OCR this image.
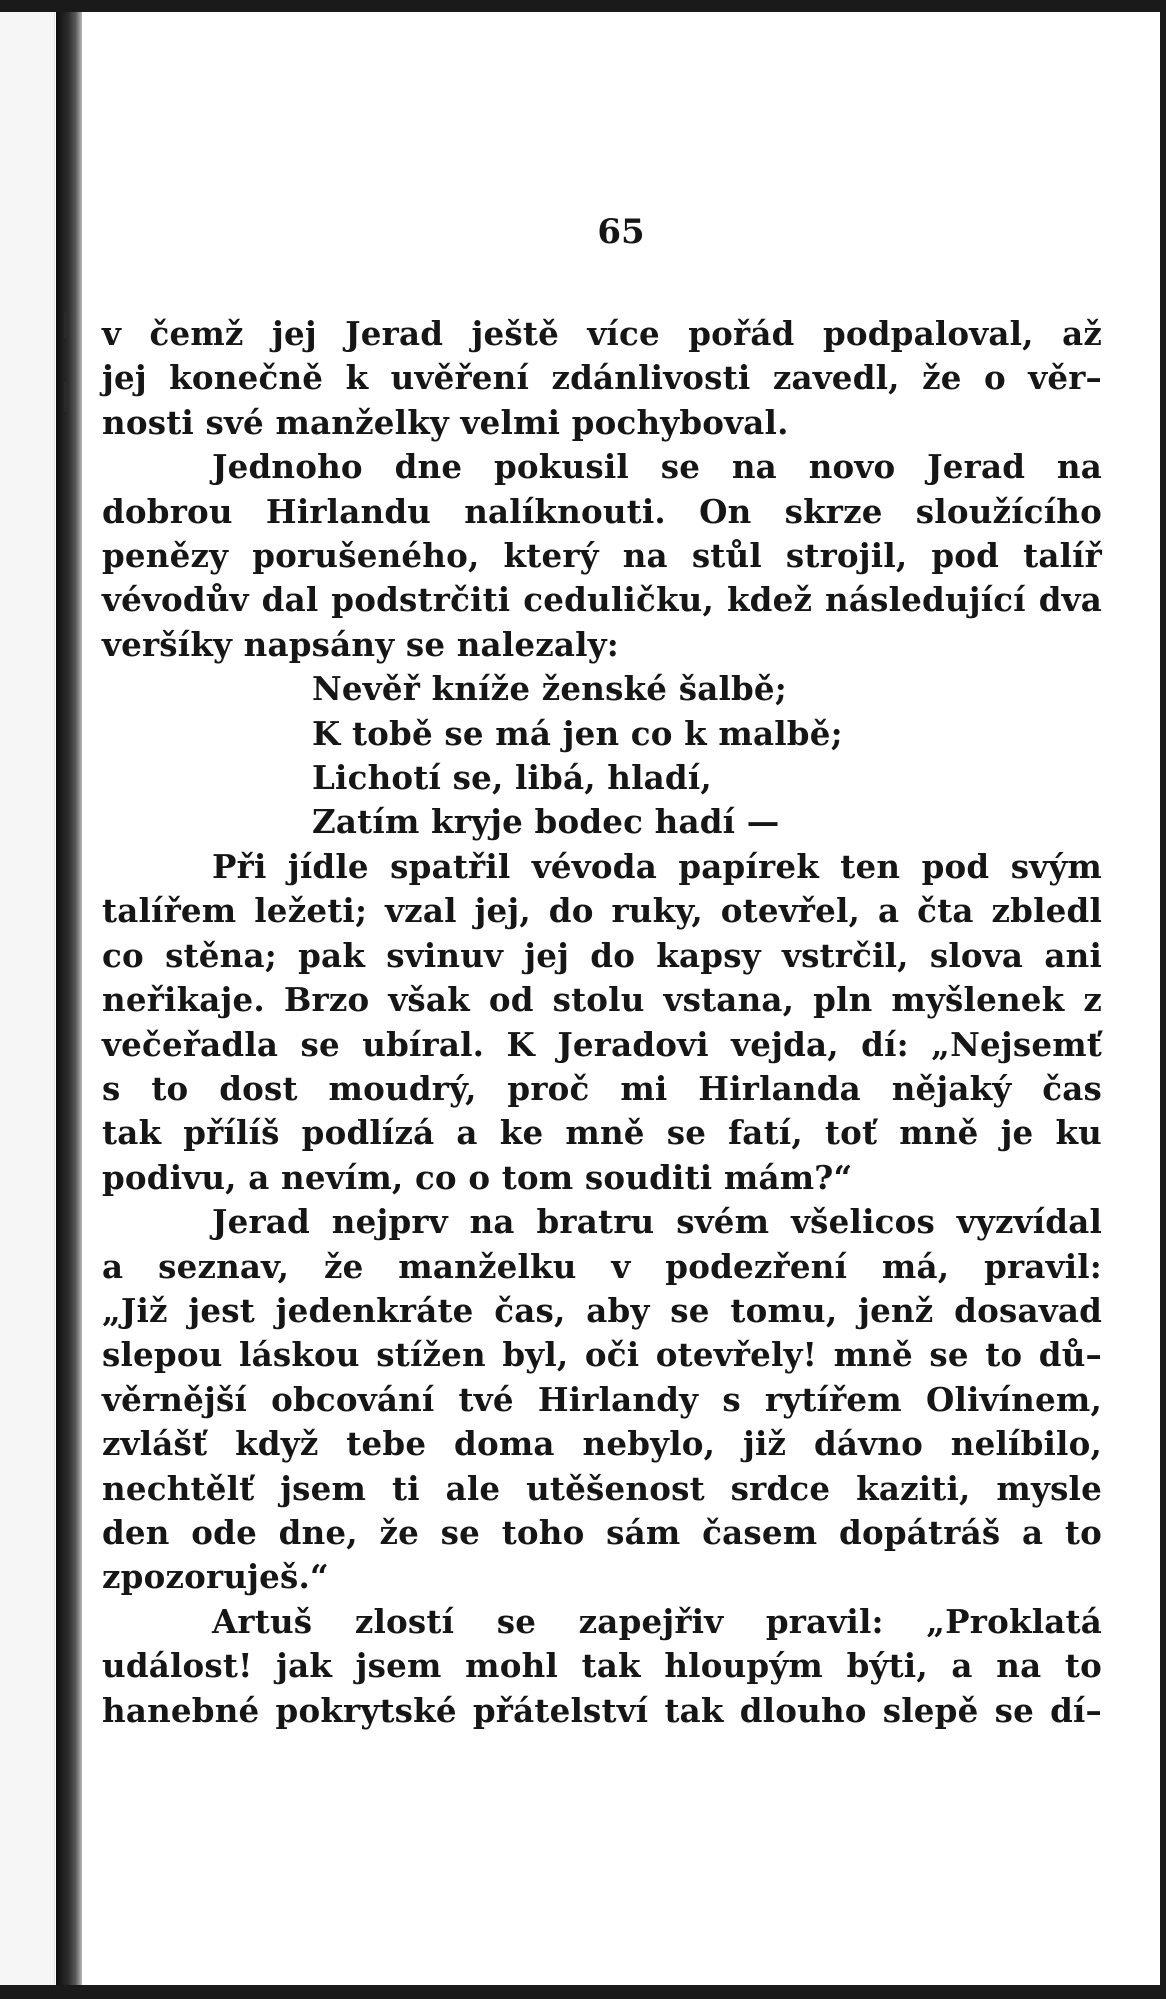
65
v čemž jej Jerad ještě více pořád podpaloval, až
jej konečně k uvěření zdánlivosti zavedl, že o věr–
nosti své manželky velmi pochyboval.
Jednoho dne pokusil se na novo Jerad na
dobrou Hirlandu nalíknouti. On skrze sloužícího
penězy porušeného, který na stůl strojil, pod talíř
vévodův dal podstrčiti ceduličku, kdež následující dva
veršíky napsány se nalezaly:
Nevěř kníže ženské šalbě;
K tobě se má jen co k malbě;
Lichotí se, libá, hladí,
Zatím kryje bodec hadí —
Při jídle spatřil vévoda papírek ten pod svým
talířem ležeti; vzal jej, do ruky, otevřel, a čta zbledl
co stěna; pak svinuv jej do kapsy vstrčil, slova ani
neřikaje. Brzo však od stolu vstana, pln myšlenek z
večeřadla se ubíral. K Jeradovi vejda, dí: „Nejsemť
s to dost moudrý, proč mi Hirlanda nějaký čas
tak přílíš podlízá a ke mně se fatí, toť mně je ku
podivu, a nevím, co o tom souditi mám?“
Jerad nejprv na bratru svém všelicos vyzvídal
a seznav, že manželku v podezření má, pravil:
„Již jest jedenkráte čas, aby se tomu, jenž dosavad
slepou láskou stížen byl, oči otevřely! mně se to dů–
věrnější obcování tvé Hirlandy s rytířem Olivínem,
zvlášť když tebe doma nebylo, již dávno nelíbilo,
nechtělť jsem ti ale utěšenost srdce kaziti, mysle
den ode dne, že se toho sám časem dopátráš a to
zpozoruješ.“
Artuš zlostí se zapejřiv pravil: „Proklatá
událost! jak jsem mohl tak hloupým býti, a na to
hanebné pokrytské přátelství tak dlouho slepě se dí–
